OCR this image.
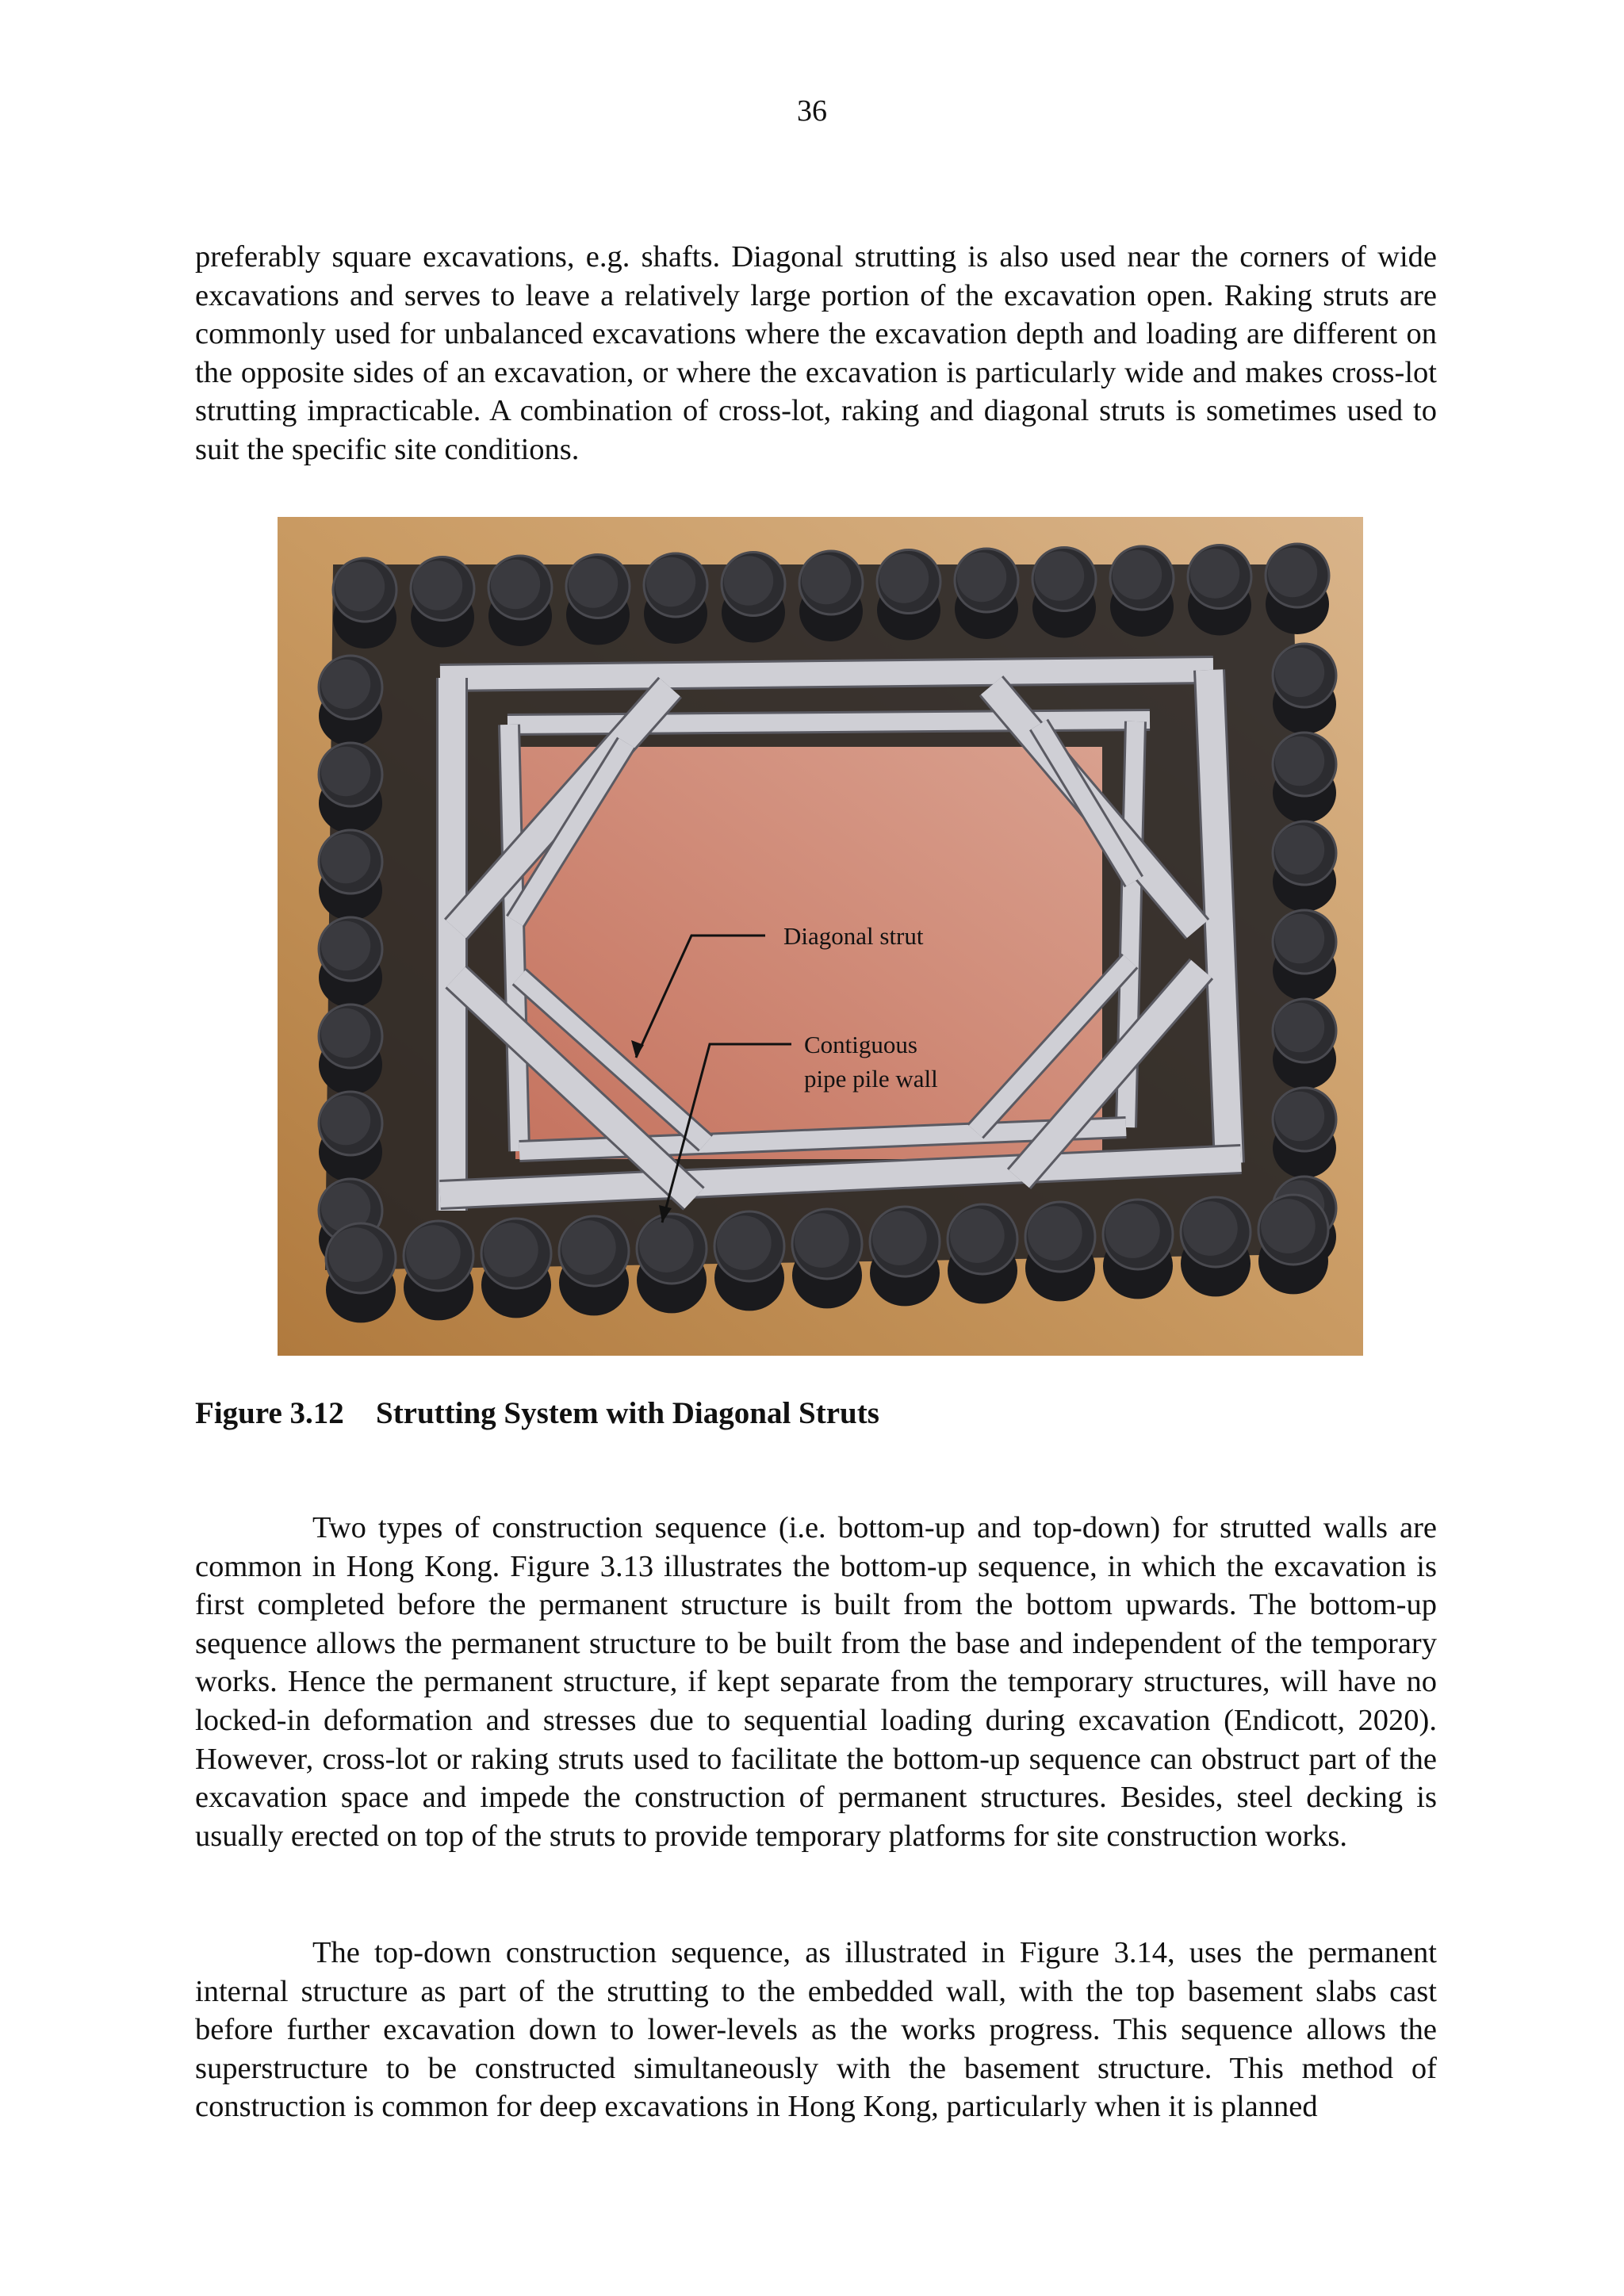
36

preferably square excavations, e.g. shafts. Diagonal strutting is also used near the corners of wide excavations and serves to leave a relatively large portion of the excavation open. Raking struts are commonly used for unbalanced excavations where the excavation depth and loading are different on the opposite sides of an excavation, or where the excavation is particularly wide and makes cross-lot strutting impracticable. A combination of cross-lot, raking and diagonal struts is sometimes used to suit the specific site conditions.

Diagonal strut
Contiguous
pipe pile wall
Figure 3.12 Strutting System with Diagonal Struts

Two types of construction sequence (i.e. bottom-up and top-down) for strutted walls are common in Hong Kong. Figure 3.13 illustrates the bottom-up sequence, in which the excavation is first completed before the permanent structure is built from the bottom upwards. The bottom-up sequence allows the permanent structure to be built from the base and independent of the temporary works. Hence the permanent structure, if kept separate from the temporary structures, will have no locked-in deformation and stresses due to sequential loading during excavation (Endicott, 2020). However, cross-lot or raking struts used to facilitate the bottom-up sequence can obstruct part of the excavation space and impede the construction of permanent structures. Besides, steel decking is usually erected on top of the struts to provide temporary platforms for site construction works.

The top-down construction sequence, as illustrated in Figure 3.14, uses the permanent internal structure as part of the strutting to the embedded wall, with the top basement slabs cast before further excavation down to lower-levels as the works progress. This sequence allows the superstructure to be constructed simultaneously with the basement structure. This method of construction is common for deep excavations in Hong Kong, particularly when it is planned
